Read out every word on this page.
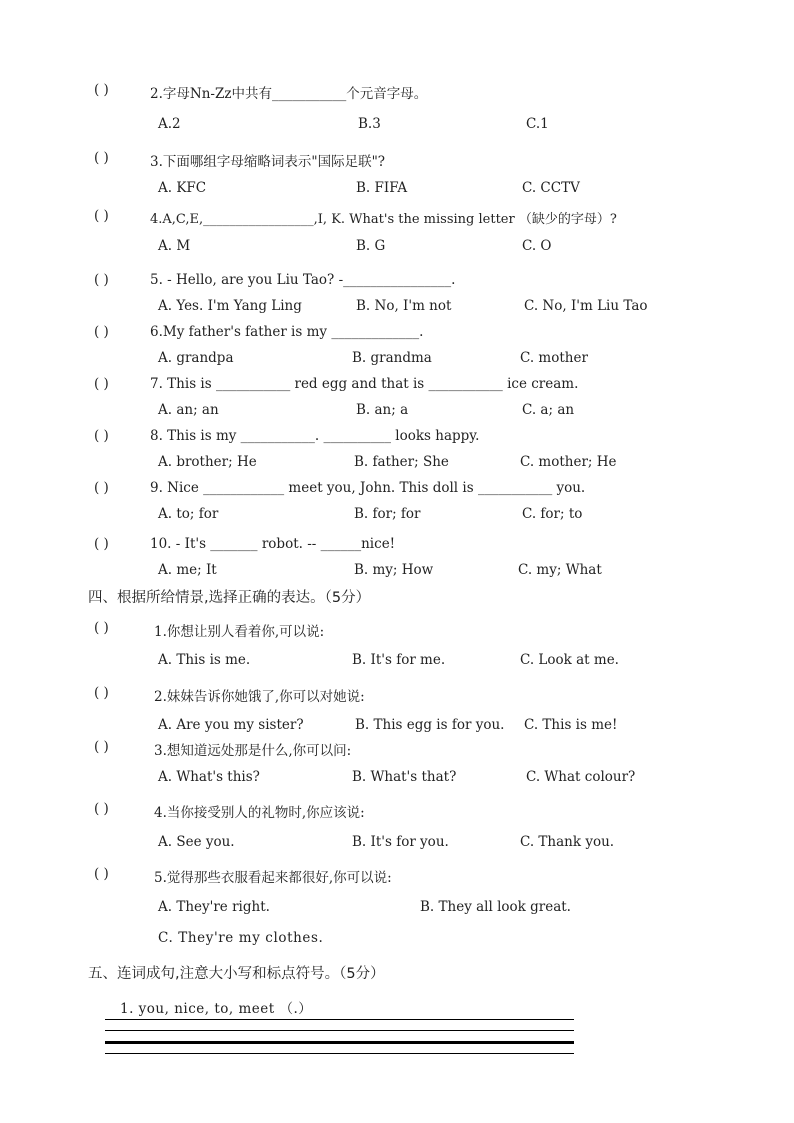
( )	2.字母Nn-Zz中共有___________个元音字母。
A.2	B.3	C.1
( )	3.下面哪组字母缩略词表示"国际足联"?
A. KFC	B. FIFA	C. CCTV
( )	4.A,C,E,_________________,I, K. What's the missing letter （缺少的字母）?
A. M	B. G	C. O
( )	5. - Hello, are you Liu Tao? -________________.
A. Yes. I'm Yang Ling	B. No, I'm not	C. No, I'm Liu Tao
( )	6.My father's father is my _____________.
A. grandpa	B. grandma	C. mother
( )	7. This is ___________ red egg and that is ___________ ice cream.
A. an; an	B. an; a	C. a; an
( )	8. This is my ___________. __________ looks happy.
A. brother; He	B. father; She	C. mother; He
( )	9. Nice ____________ meet you, John. This doll is ___________ you.
A. to; for	B. for; for	C. for; to
( )	10. - It's _______ robot. -- ______nice!
A. me; It	B. my; How	C. my; What
四、根据所给情景,选择正确的表达。（5分）
( )	1.你想让别人看着你,可以说:
A. This is me.	B. It's for me.	C. Look at me.
( )	2.妹妹告诉你她饿了,你可以对她说:
A. Are you my sister?	B. This egg is for you. C. This is me!
( )	3.想知道远处那是什么,你可以问:
A. What's this?	B. What's that?	C. What colour?
( )	4.当你接受别人的礼物时,你应该说:
A. See you.	B. It's for you.	C. Thank you.
( )	5.觉得那些衣服看起来都很好,你可以说:
A. They're right.	B. They all look great.
C. They're my clothes.
五、连词成句,注意大小写和标点符号。（5分）
1. you, nice, to, meet （.）
